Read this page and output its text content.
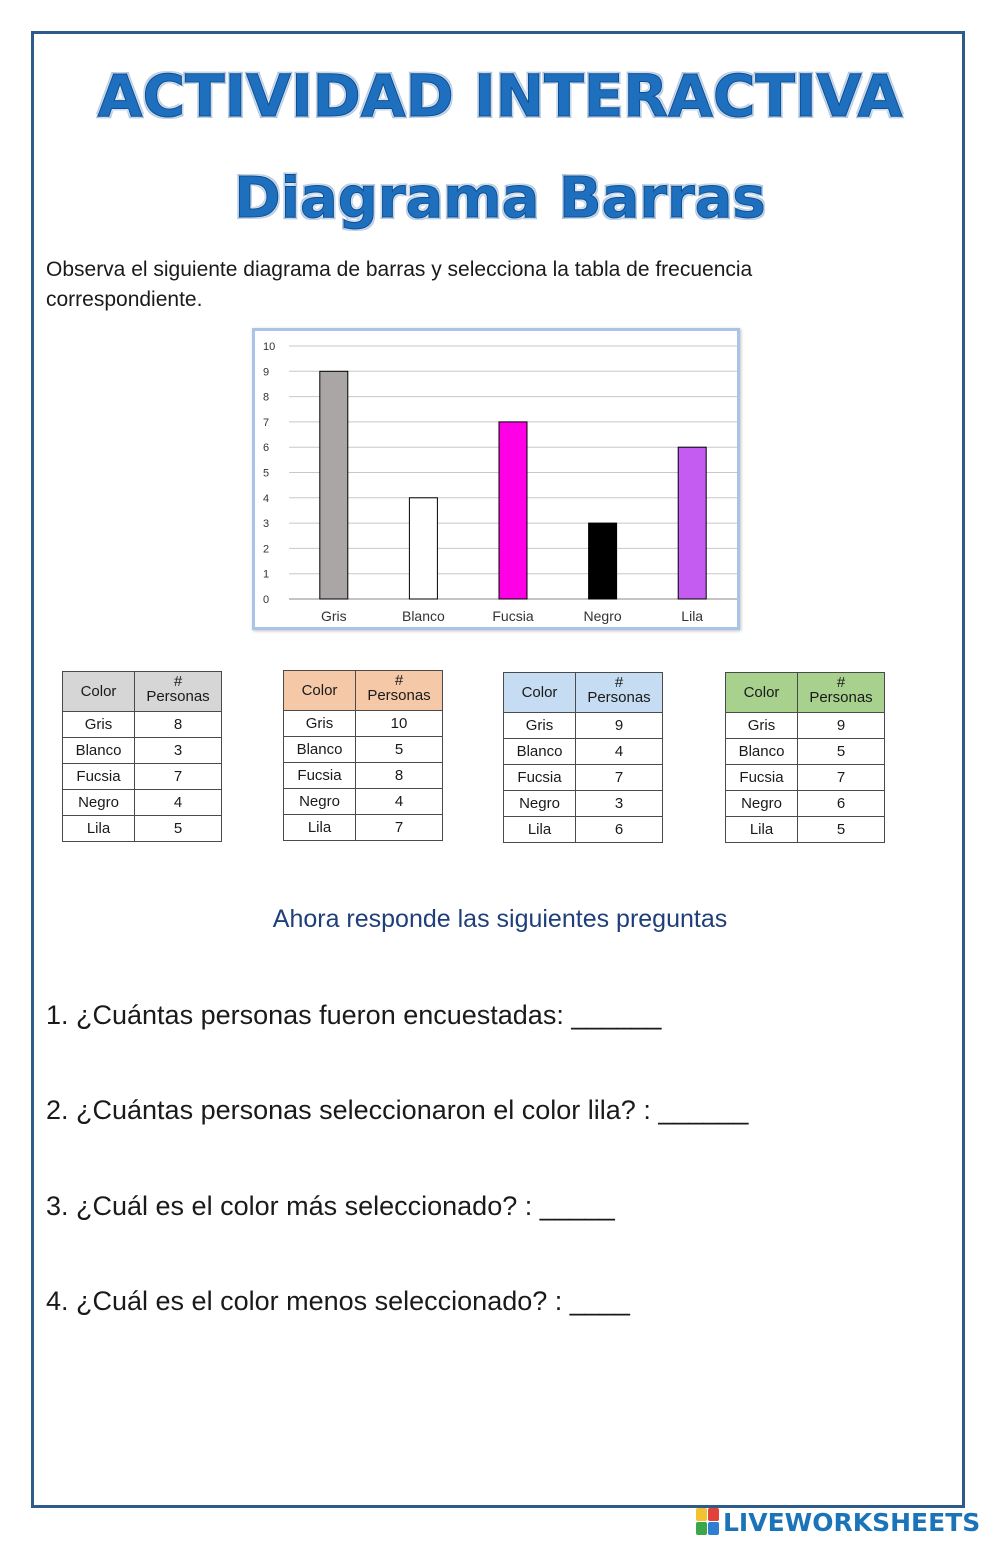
ACTIVIDAD INTERACTIVA
Diagrama Barras
Observa el siguiente diagrama de barras y selecciona la tabla de frecuencia
correspondiente.
0
1
2
3
4
5
6
7
8
9
10
Gris	Blanco	Fucsia	Negro	Lila
Color	#
Personas

Gris	8
Blanco	3
Fucsia	7
Negro	4
Lila	5
Color	#
Personas

Gris	10
Blanco	5
Fucsia	8
Negro	4
Lila	7
Color	#
Personas

Gris	9
Blanco	4
Fucsia	7
Negro	3
Lila	6
Color	#
Personas

Gris	9
Blanco	5
Fucsia	7
Negro	6
Lila	5
Ahora responde las siguientes preguntas
1. ¿Cuántas personas fueron encuestadas: ______
2. ¿Cuántas personas seleccionaron el color lila? : ______
3. ¿Cuál es el color más seleccionado? : _____
4. ¿Cuál es el color menos seleccionado? : ____
LIVEWORKSHEETS
